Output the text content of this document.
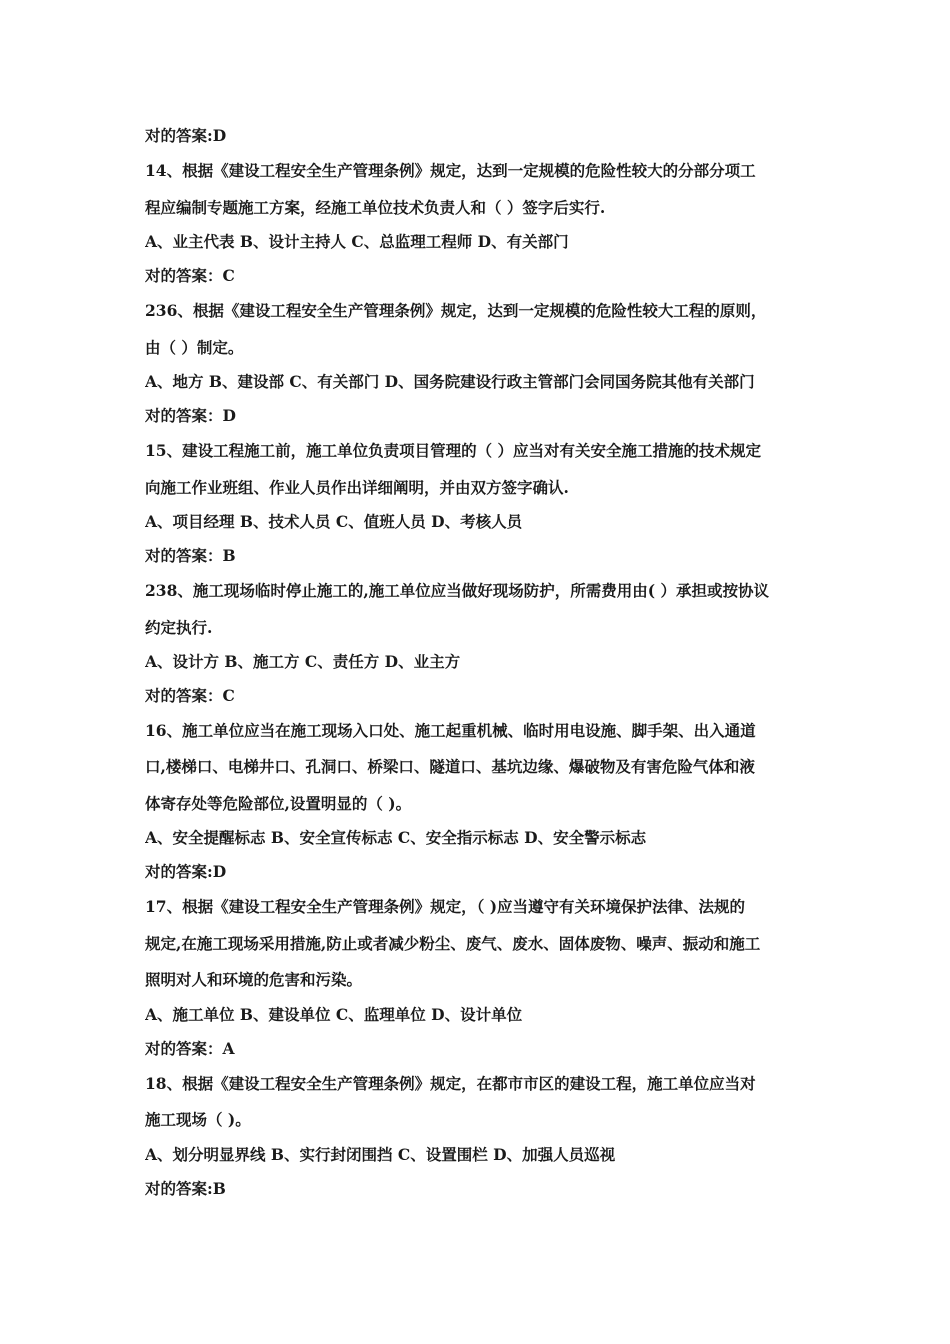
对的答案:D
14、根据《建设工程安全生产管理条例》规定，达到一定规模的危险性较大的分部分项工
程应编制专题施工方案，经施工单位技术负责人和（ ）签字后实行.
A、业主代表 B、设计主持人 C、总监理工程师 D、有关部门
对的答案：C
236、根据《建设工程安全生产管理条例》规定，达到一定规模的危险性较大工程的原则，
由（ ）制定。
A、地方 B、建设部 C、有关部门 D、国务院建设行政主管部门会同国务院其他有关部门
对的答案：D
15、建设工程施工前，施工单位负责项目管理的（ ）应当对有关安全施工措施的技术规定
向施工作业班组、作业人员作出详细阐明，并由双方签字确认.
A、项目经理 B、技术人员 C、值班人员 D、考核人员
对的答案：B
238、施工现场临时停止施工的,施工单位应当做好现场防护，所需费用由( ）承担或按协议
约定执行.
A、设计方 B、施工方 C、责任方 D、业主方
对的答案：C
16、施工单位应当在施工现场入口处、施工起重机械、临时用电设施、脚手架、出入通道
口,楼梯口、电梯井口、孔洞口、桥梁口、隧道口、基坑边缘、爆破物及有害危险气体和液
体寄存处等危险部位,设置明显的（ )。
A、安全提醒标志 B、安全宣传标志 C、安全指示标志 D、安全警示标志
对的答案:D
17、根据《建设工程安全生产管理条例》规定，（ )应当遵守有关环境保护法律、法规的
规定,在施工现场采用措施,防止或者减少粉尘、废气、废水、固体废物、噪声、振动和施工
照明对人和环境的危害和污染。
A、施工单位 B、建设单位 C、监理单位 D、设计单位
对的答案：A
18、根据《建设工程安全生产管理条例》规定，在都市市区的建设工程，施工单位应当对
施工现场（ )。
A、划分明显界线 B、实行封闭围挡 C、设置围栏 D、加强人员巡视
对的答案:B
